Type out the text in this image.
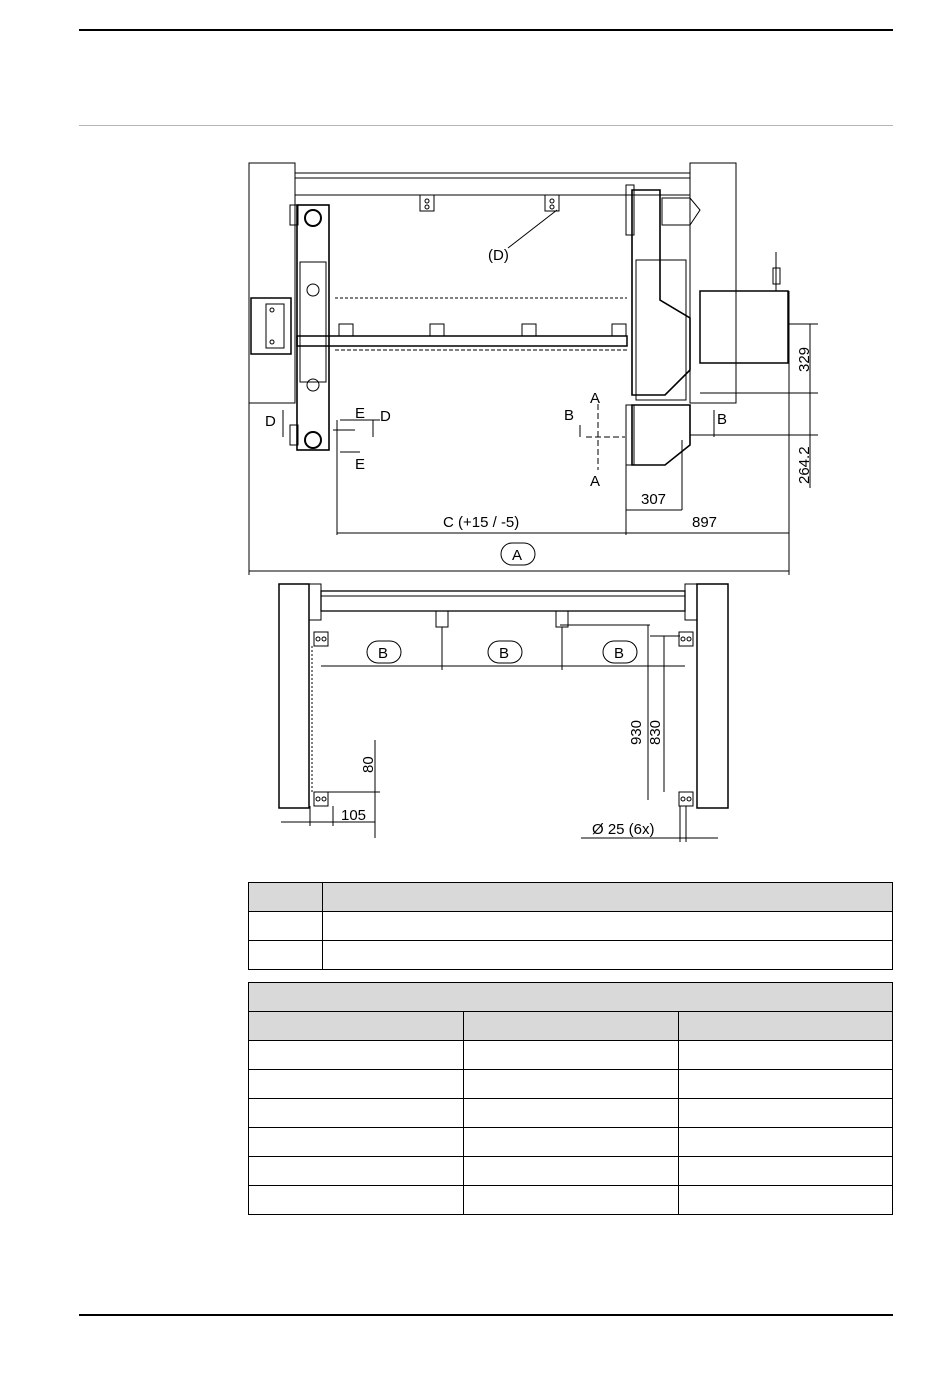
(D)
329
264.2
307
897
C (+15 / -5)
A
B	B	B
930 830
80
105
Ø 25 (6x)
A
A
B	B
D	D
E
E
